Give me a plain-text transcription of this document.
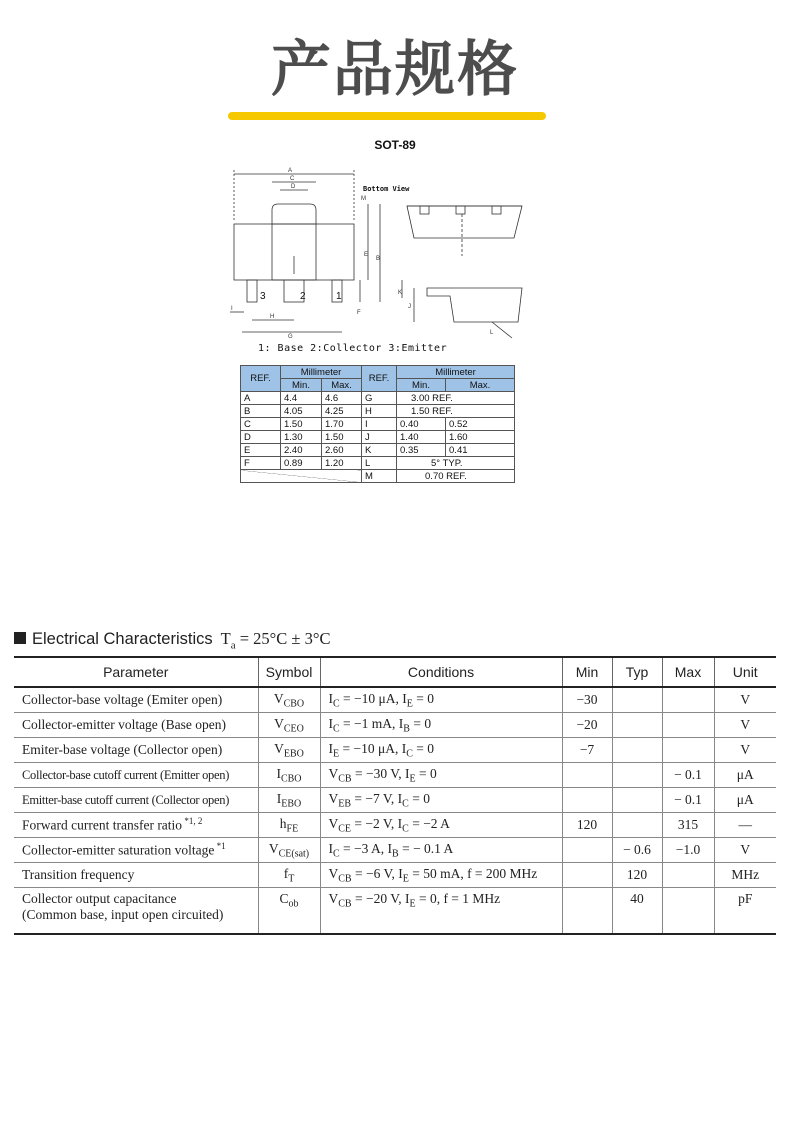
产品规格
SOT-89
A
C
D
M
E
B
F
I
H
G
J
K
L
Bottom View
3	2	1
1: Base 2:Collector 3:Emitter
REF.	Millimeter		REF.	Millimeter	
	Min.	Max.		Min.	Max.
A	4.4	4.6	G	3.00 REF.	
B	4.05	4.25	H	1.50 REF.	
C	1.50	1.70	I	0.40	0.52
D	1.30	1.50	J	1.40	1.60
E	2.40	2.60	K	0.35	0.41
F	0.89	1.20	L	5° TYP.	
			M	0.70 REF.	
Electrical Characteristics $T_a = 25^\circ C \pm 3^\circ C$
Parameter	Symbol	Conditions	Min	Typ	Max	Unit
Collector-base voltage (Emiter open)	$V_{CBO}$	$I_C = -10$ μA, $I_E = 0$	−30			V
Collector-emitter voltage (Base open)	$V_{CEO}$	$I_C = -1$ mA, $I_B = 0$	−20			V
Emiter-base voltage (Collector open)	$V_{EBO}$	$I_E = -10$ μA, $I_C = 0$	−7			V
Collector-base cutoff current (Emitter open)	$I_{CBO}$	$V_{CB} = -30$ V, $I_E = 0$			− 0.1	μA
Emitter-base cutoff current (Collector open)	$I_{EBO}$	$V_{EB} = -7$ V, $I_C = 0$			− 0.1	μA
Forward current transfer ratio $^{*1, 2}$	$h_{FE}$	$V_{CE} = -2$ V, $I_C = -2$ A	120		315	—
Collector-emitter saturation voltage $^{*1}$	$V_{CE(sat)}$	$I_C = -3$ A, $I_B$ = − 0.1 A		− 0.6	−1.0	V
Transition frequency	$f_T$	$V_{CB} = -6$ V, $I_E = 50$ mA, f = 200 MHz		120		MHz
Collector output capacitance
(Common base, input open circuited)	$C_{ob}$	$V_{CB} = -20$ V, $I_E = 0$, f = 1 MHz		40		pF
